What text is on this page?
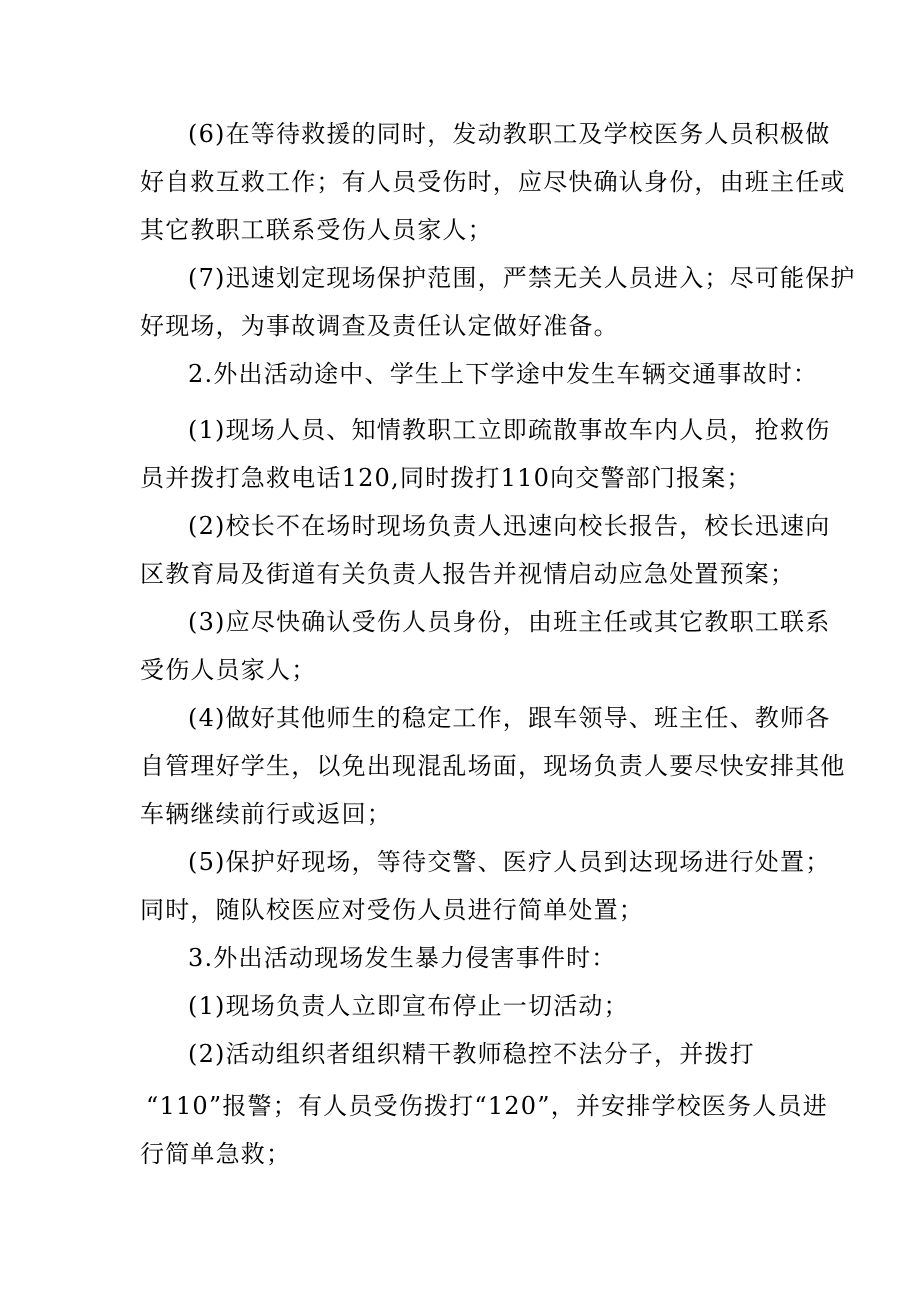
(6)在等待救援的同时，发动教职工及学校医务人员积极做
好自救互救工作；有人员受伤时，应尽快确认身份，由班主任或
其它教职工联系受伤人员家人；
(7)迅速划定现场保护范围，严禁无关人员进入；尽可能保护
好现场，为事故调查及责任认定做好准备。
2.外出活动途中、学生上下学途中发生车辆交通事故时：
(1)现场人员、知情教职工立即疏散事故车内人员，抢救伤
员并拨打急救电话120,同时拨打110向交警部门报案；
(2)校长不在场时现场负责人迅速向校长报告，校长迅速向
区教育局及街道有关负责人报告并视情启动应急处置预案；
(3)应尽快确认受伤人员身份，由班主任或其它教职工联系
受伤人员家人；
(4)做好其他师生的稳定工作，跟车领导、班主任、教师各
自管理好学生，以免出现混乱场面，现场负责人要尽快安排其他
车辆继续前行或返回；
(5)保护好现场，等待交警、医疗人员到达现场进行处置；
同时，随队校医应对受伤人员进行简单处置；
3.外出活动现场发生暴力侵害事件时：
(1)现场负责人立即宣布停止一切活动；
(2)活动组织者组织精干教师稳控不法分子，并拨打
“110”报警；有人员受伤拨打“120”，并安排学校医务人员进
行简单急救；
